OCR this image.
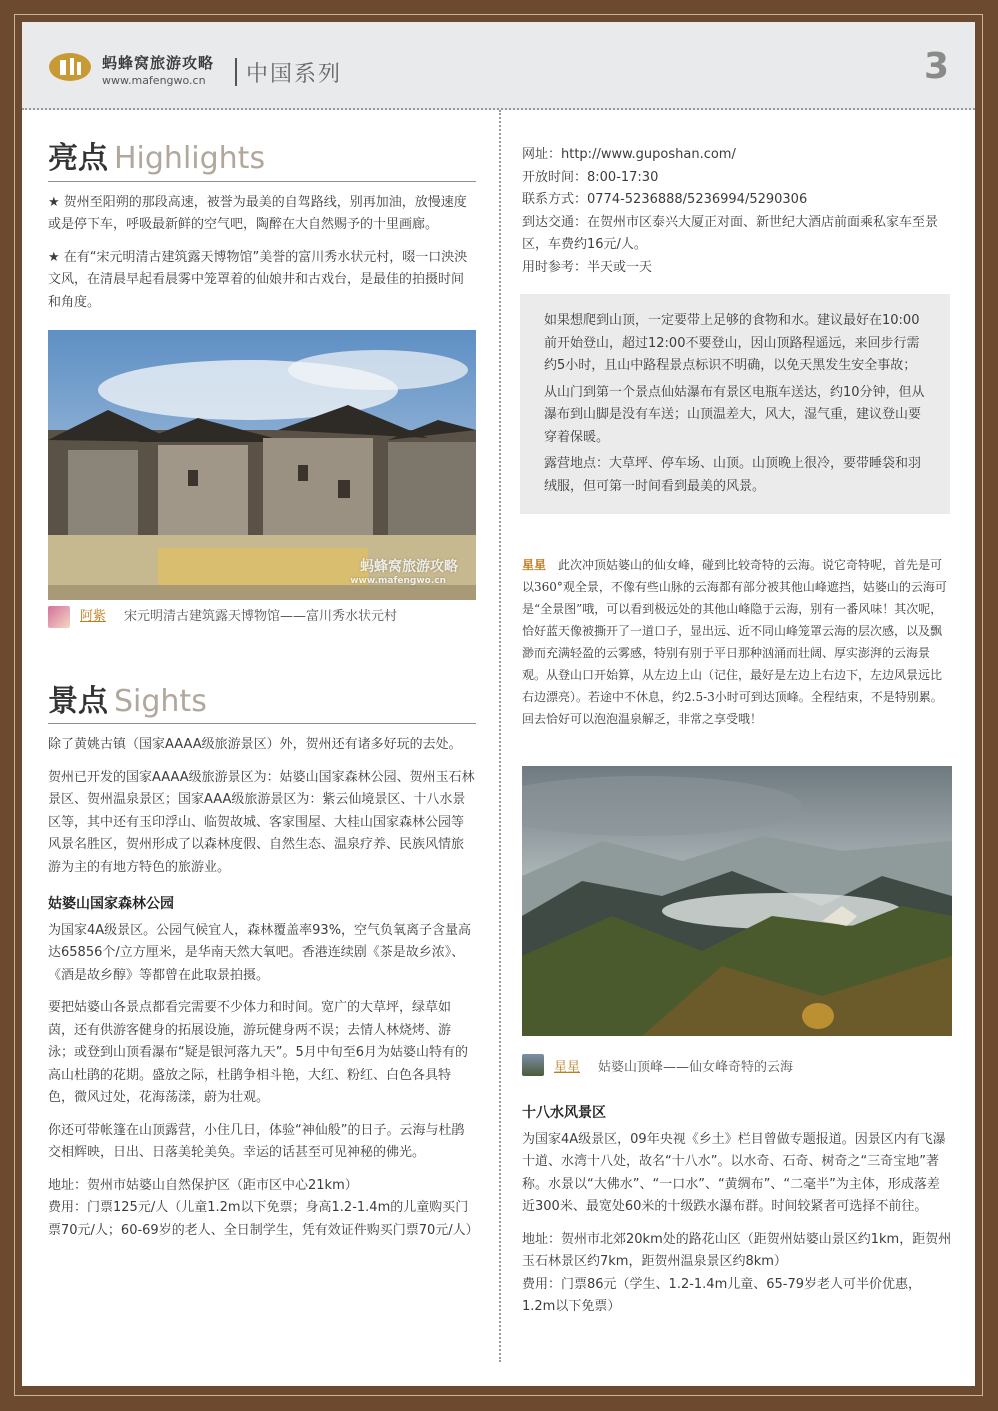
蚂蜂窝旅游攻略
www.mafengwo.cn 中国系列	3
亮点 Highlights

★ 贺州至阳朔的那段高速，被誉为最美的自驾路线，别再加油，放慢速度或是停下车，呼吸最新鲜的空气吧，陶醉在大自然赐予的十里画廊。

★ 在有“宋元明清古建筑露天博物馆”美誉的富川秀水状元村，啜一口泱泱文风，在清晨早起看晨雾中笼罩着的仙娘井和古戏台，是最佳的拍摄时间和角度。

蚂蜂窝旅游攻略
www.mafengwo.cn
阿紫 宋元明清古建筑露天博物馆——富川秀水状元村
景点 Sights

除了黄姚古镇（国家AAAA级旅游景区）外，贺州还有诸多好玩的去处。

贺州已开发的国家AAAA级旅游景区为：姑婆山国家森林公园、贺州玉石林景区、贺州温泉景区；国家AAA级旅游景区为：紫云仙境景区、十八水景区等，其中还有玉印浮山、临贺故城、客家围屋、大桂山国家森林公园等风景名胜区，贺州形成了以森林度假、自然生态、温泉疗养、民族风情旅游为主的有地方特色的旅游业。

姑婆山国家森林公园

为国家4A级景区。公园气候宜人，森林覆盖率93%，空气负氧离子含量高达65856个/立方厘米，是华南天然大氧吧。香港连续剧《茶是故乡浓》、《酒是故乡醇》等都曾在此取景拍摄。

要把姑婆山各景点都看完需要不少体力和时间。宽广的大草坪，绿草如茵，还有供游客健身的拓展设施，游玩健身两不误；去情人林烧烤、游泳；或登到山顶看瀑布“疑是银河落九天”。5月中旬至6月为姑婆山特有的高山杜鹃的花期。盛放之际，杜鹃争相斗艳，大红、粉红、白色各具特色，微风过处，花海荡漾，蔚为壮观。

你还可带帐篷在山顶露营，小住几日，体验“神仙般”的日子。云海与杜鹃交相辉映，日出、日落美轮美奂。幸运的话甚至可见神秘的佛光。

地址：贺州市姑婆山自然保护区（距市区中心21km）
费用：门票125元/人（儿童1.2m以下免票；身高1.2-1.4m的儿童购买门票70元/人；60-69岁的老人、全日制学生，凭有效证件购买门票70元/人）
网址：http://www.guposhan.com/
开放时间：8:00-17:30
联系方式：0774-5236888/5236994/5290306
到达交通：在贺州市区泰兴大厦正对面、新世纪大酒店前面乘私家车至景区，车费约16元/人。
用时参考：半天或一天

如果想爬到山顶，一定要带上足够的食物和水。建议最好在10:00前开始登山，超过12:00不要登山，因山顶路程遥远，来回步行需约5小时，且山中路程景点标识不明确，以免天黑发生安全事故；

从山门到第一个景点仙姑瀑布有景区电瓶车送达，约10分钟，但从瀑布到山脚是没有车送；山顶温差大，风大，湿气重，建议登山要穿着保暖。

露营地点：大草坪、停车场、山顶。山顶晚上很冷，要带睡袋和羽绒服，但可第一时间看到最美的风景。

星星 此次冲顶姑婆山的仙女峰，碰到比较奇特的云海。说它奇特呢，首先是可以360°观全景，不像有些山脉的云海都有部分被其他山峰遮挡，姑婆山的云海可是“全景图”哦，可以看到极远处的其他山峰隐于云海，别有一番风味！其次呢，恰好蓝天像被撕开了一道口子，显出远、近不同山峰笼罩云海的层次感，以及飘渺而充满轻盈的云雾感，特别有别于平日那种汹涌而壮阔、厚实澎湃的云海景观。从登山口开始算，从左边上山（记住，最好是左边上右边下，左边风景远比右边漂亮）。若途中不休息，约2.5-3小时可到达顶峰。全程结束，不是特别累。回去恰好可以泡泡温泉解乏，非常之享受哦！
星星 姑婆山顶峰——仙女峰奇特的云海
十八水风景区

为国家4A级景区，09年央视《乡土》栏目曾做专题报道。因景区内有飞瀑十道、水湾十八处，故名“十八水”。以水奇、石奇、树奇之“三奇宝地”著称。水景以“大佛水”、“一口水”、“黄绸布”、“二毫半”为主体，形成落差近300米、最宽处60米的十级跌水瀑布群。时间较紧者可选择不前往。

地址：贺州市北郊20km处的路花山区（距贺州姑婆山景区约1km，距贺州玉石林景区约7km，距贺州温泉景区约8km）
费用：门票86元（学生、1.2-1.4m儿童、65-79岁老人可半价优惠，1.2m以下免票）
